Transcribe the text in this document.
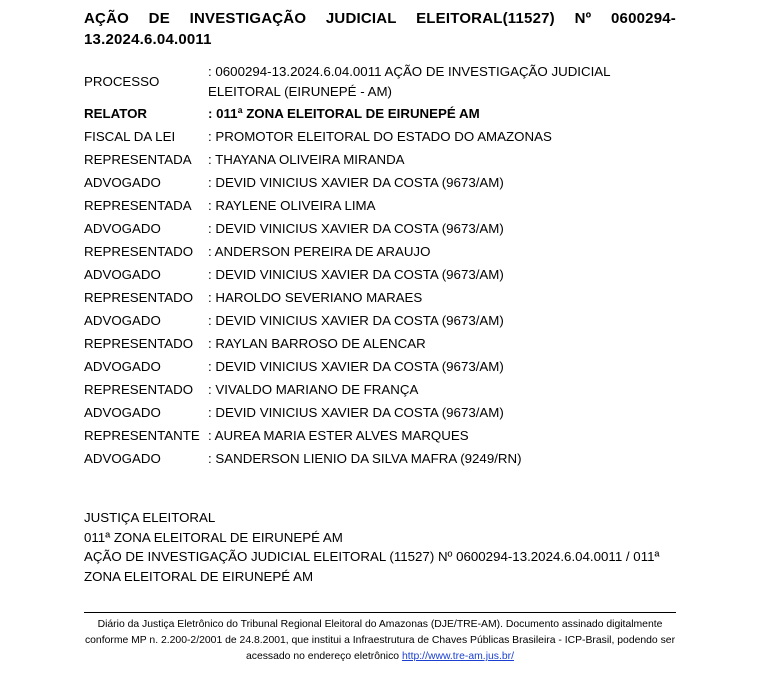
AÇÃO DE INVESTIGAÇÃO JUDICIAL ELEITORAL(11527) Nº 0600294-13.2024.6.04.0011
PROCESSO	: 0600294-13.2024.6.04.0011 AÇÃO DE INVESTIGAÇÃO JUDICIAL ELEITORAL (EIRUNEPÉ - AM)
RELATOR	: 011ª ZONA ELEITORAL DE EIRUNEPÉ AM
FISCAL DA LEI	: PROMOTOR ELEITORAL DO ESTADO DO AMAZONAS
REPRESENTADA	: THAYANA OLIVEIRA MIRANDA
ADVOGADO	: DEVID VINICIUS XAVIER DA COSTA (9673/AM)
REPRESENTADA	: RAYLENE OLIVEIRA LIMA
ADVOGADO	: DEVID VINICIUS XAVIER DA COSTA (9673/AM)
REPRESENTADO	: ANDERSON PEREIRA DE ARAUJO
ADVOGADO	: DEVID VINICIUS XAVIER DA COSTA (9673/AM)
REPRESENTADO	: HAROLDO SEVERIANO MARAES
ADVOGADO	: DEVID VINICIUS XAVIER DA COSTA (9673/AM)
REPRESENTADO	: RAYLAN BARROSO DE ALENCAR
ADVOGADO	: DEVID VINICIUS XAVIER DA COSTA (9673/AM)
REPRESENTADO	: VIVALDO MARIANO DE FRANÇA
ADVOGADO	: DEVID VINICIUS XAVIER DA COSTA (9673/AM)
REPRESENTANTE	: AUREA MARIA ESTER ALVES MARQUES
ADVOGADO	: SANDERSON LIENIO DA SILVA MAFRA (9249/RN)
JUSTIÇA ELEITORAL
011ª ZONA ELEITORAL DE EIRUNEPÉ AM
AÇÃO DE INVESTIGAÇÃO JUDICIAL ELEITORAL (11527) Nº 0600294-13.2024.6.04.0011 / 011ª ZONA ELEITORAL DE EIRUNEPÉ AM
Diário da Justiça Eletrônico do Tribunal Regional Eleitoral do Amazonas (DJE/TRE-AM). Documento assinado digitalmente conforme MP n. 2.200-2/2001 de 24.8.2001, que institui a Infraestrutura de Chaves Públicas Brasileira - ICP-Brasil, podendo ser acessado no endereço eletrônico http://www.tre-am.jus.br/
